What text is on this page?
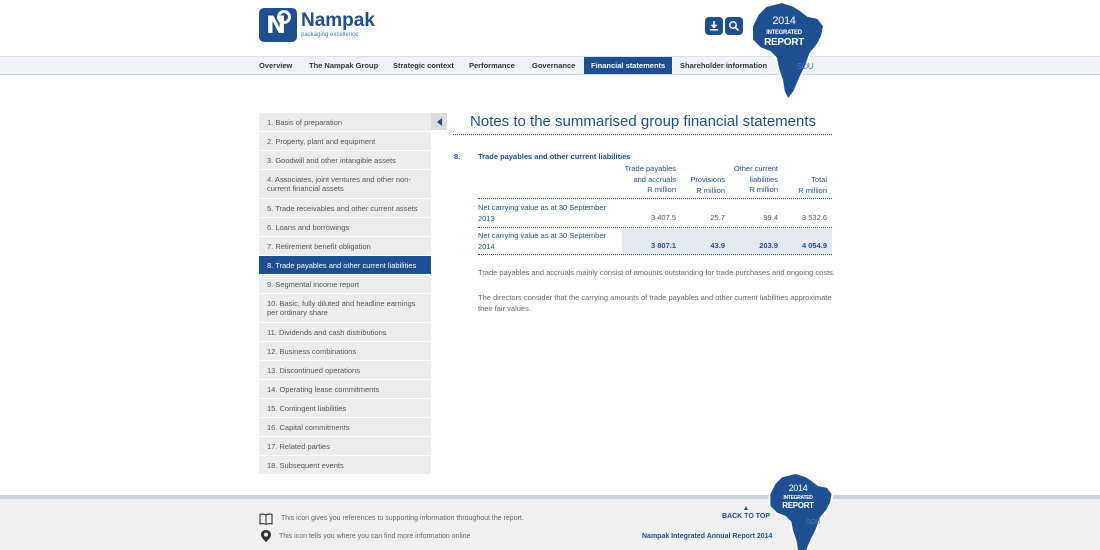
N Nampak
packaging excellence
Overview	The Nampak Group	Strategic context	Performance	Governance	Financial statements	Shareholder information
2014
INTEGRATED
REPORT
SOU
1. Basis of preparation
2. Property, plant and equipment
3. Goodwill and other intangible assets
4. Associates, joint ventures and other non-current financial assets
5. Trade receivables and other current assets
6. Loans and borrowings
7. Retirement benefit obligation
8. Trade payables and other current liabilities
9. Segmental income report
10. Basic, fully diluted and headline earnings per ordinary share
11. Dividends and cash distributions
12. Business combinations
13. Discontinued operations
14. Operating lease commitments
15. Contingent liabilities
16. Capital commitments
17. Related parties
18. Subsequent events
Notes to the summarised group financial statements
8. Trade payables and other current liabilities
Trade payables
and accruals
R million
Provisions
R million
Other current
liabilities
R million
Total
R million
Net carrying value as at 30 September 2013	3 407.5	25.7	99.4	3 532.6
Net carrying value as at 30 September 2014	3 807.1	43.9	203.9	4 054.9
Trade payables and accruals mainly consist of amounts outstanding for trade purchases and ongoing costs.
The directors consider that the carrying amounts of trade payables and other current liabilities approximate their fair values.
This icon gives you references to supporting information throughout the report.
This icon tells you where you can find more information online
▲
BACK TO TOP
Nampak Integrated Annual Report 2014
2014
INTEGRATED
REPORT
SOU
